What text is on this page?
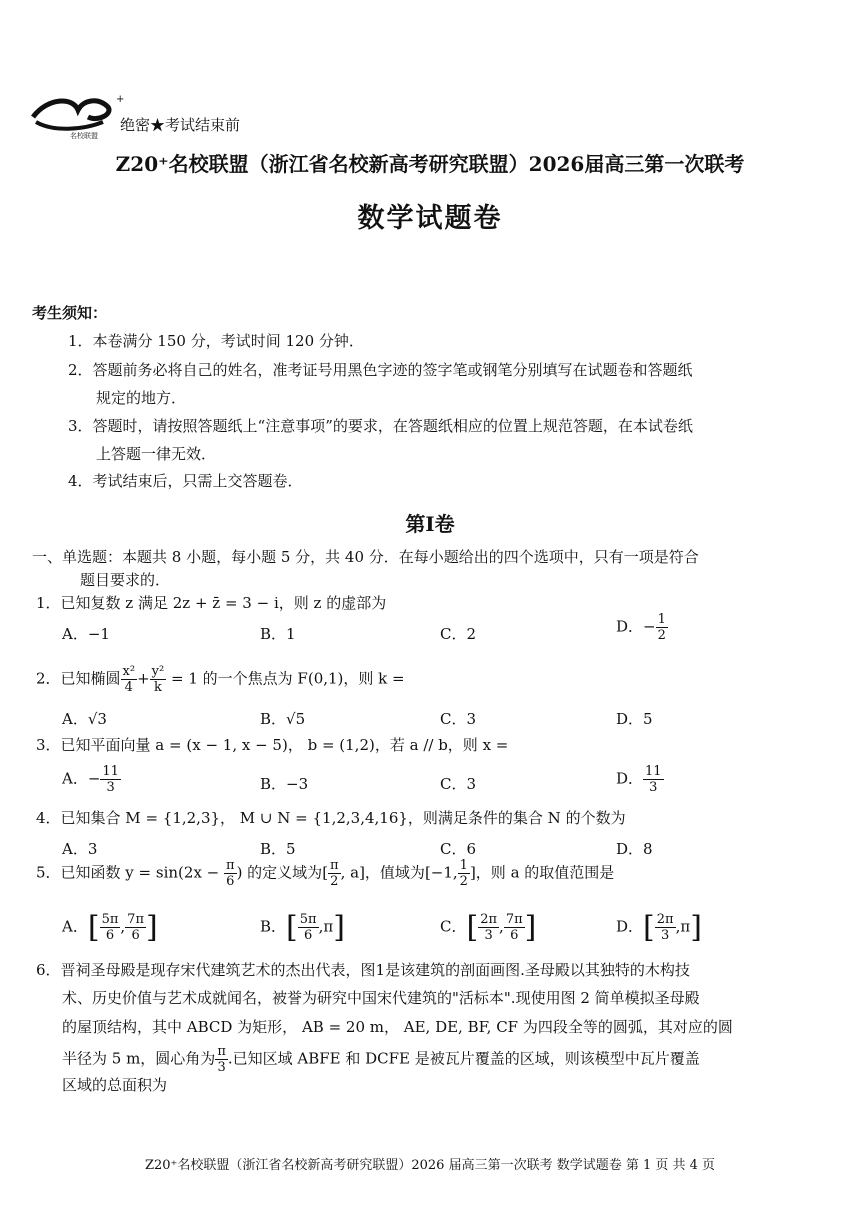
+
名校联盟
绝密★考试结束前
Z20⁺名校联盟（浙江省名校新高考研究联盟）2026届高三第一次联考
数学试题卷
考生须知：
1．本卷满分 150 分，考试时间 120 分钟．
2．答题前务必将自己的姓名，准考证号用黑色字迹的签字笔或钢笔分别填写在试题卷和答题纸
规定的地方．
3．答题时，请按照答题纸上“注意事项”的要求，在答题纸相应的位置上规范答题，在本试卷纸
上答题一律无效．
4．考试结束后，只需上交答题卷．
第Ⅰ卷
一、单选题：本题共 8 小题，每小题 5 分，共 40 分．在每小题给出的四个选项中，只有一项是符合
题目要求的．
1．已知复数 z 满足 2z + z̄ = 3 − i，则 z 的虚部为
A．−1	B．1	C．2	D．− $\frac{1}{2}$
2．已知椭圆 $\frac{\text{x²}}{4} + \frac{\text{y²}}{k} = 1$ 的一个焦点为 F(0,1)，则 k =
A．√3	B．√5	C．3	D．5
3．已知平面向量 a = (x − 1, x − 5)， b = (1,2)，若 a // b，则 x =
A．− $\frac{11}{3}$	B．−3	C．3	D． $\frac{11}{3}$
4．已知集合 M = {1,2,3}， M ∪ N = {1,2,3,4,16}，则满足条件的集合 N 的个数为
A．3	B．5	C．6	D．8
5．已知函数 $y = \sin(2x - \frac{\pi}{6}$ ) 的定义域为[ $\frac{\pi}{2}$ , a]，值域为[−1, $\frac{1}{2}$ ]，则 a 的取值范围是
A．[ $\frac{5\pi}{6}$ , $\frac{7\pi}{6}$ ]	B．[ $\frac{5\pi}{6} ,\pi$]	C．[ $\frac{2\pi}{3}$ , $\frac{7\pi}{6}$ ]	D．[ $\frac{2\pi}{3} ,\pi$]
6．晋祠圣母殿是现存宋代建筑艺术的杰出代表，图1是该建筑的剖面画图.圣母殿以其独特的木构技
术、历史价值与艺术成就闻名，被誉为研究中国宋代建筑的"活标本".现使用图 2 简单模拟圣母殿
的屋顶结构，其中 ABCD 为矩形， AB = 20 m， AE, DE, BF, CF 为四段全等的圆弧，其对应的圆
半径为 5 m，圆心角为 $\frac{\pi}{3}$ .已知区域 ABFE 和 DCFE 是被瓦片覆盖的区域，则该模型中瓦片覆盖
区域的总面积为
Z20⁺名校联盟（浙江省名校新高考研究联盟）2026 届高三第一次联考 数学试题卷 第 1 页 共 4 页
